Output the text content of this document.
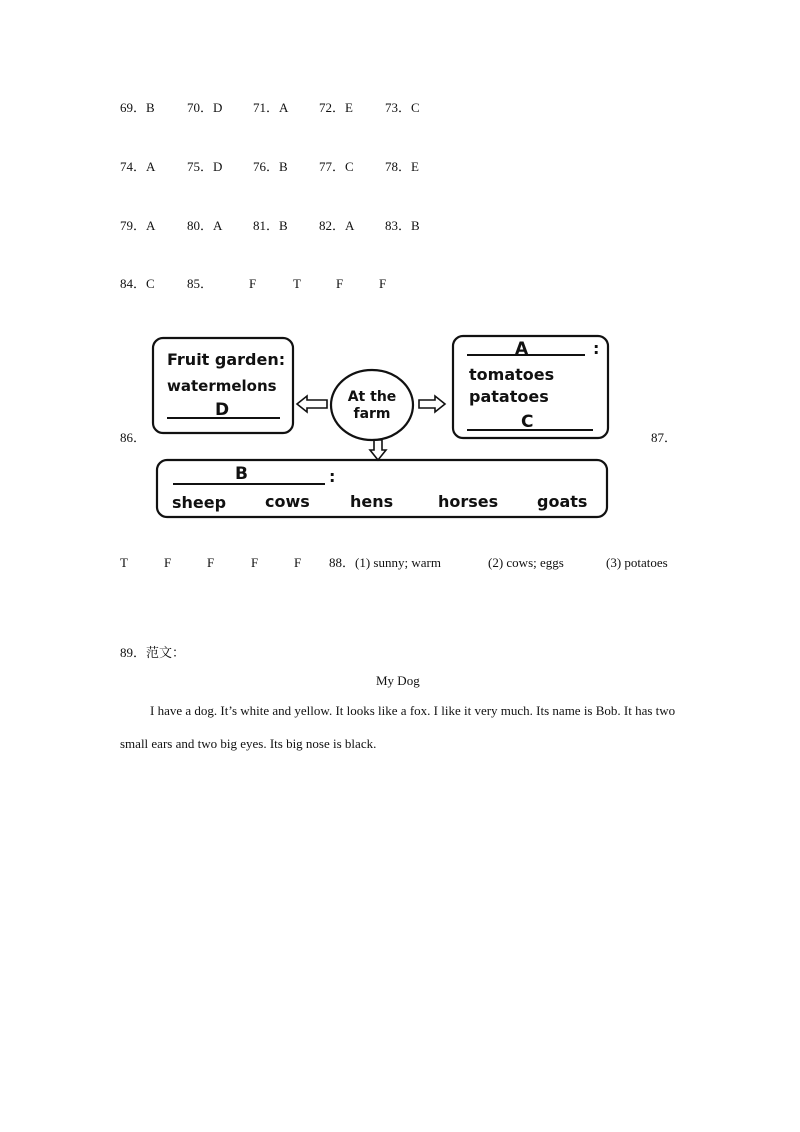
69．B 70．D 71．A 72．E 73．C
74．A 75．D 76．B 77．C 78．E
79．A 80．A 81．B 82．A 83．B
84．C 85．	F	T	F	F
86．	87．
Fruit garden:
watermelons
D
At the
farm
A	:
tomatoes
patatoes
C
B	:
sheep cows	hens	horses goats
T	F	F	F	F 88．(1) sunny; warm	(2) cows; eggs	(3) potatoes
89．范文：
My Dog
I have a dog. It’s white and yellow. It looks like a fox. I like it very much. Its name is Bob. It has two small ears and two big eyes. Its big nose is black.
